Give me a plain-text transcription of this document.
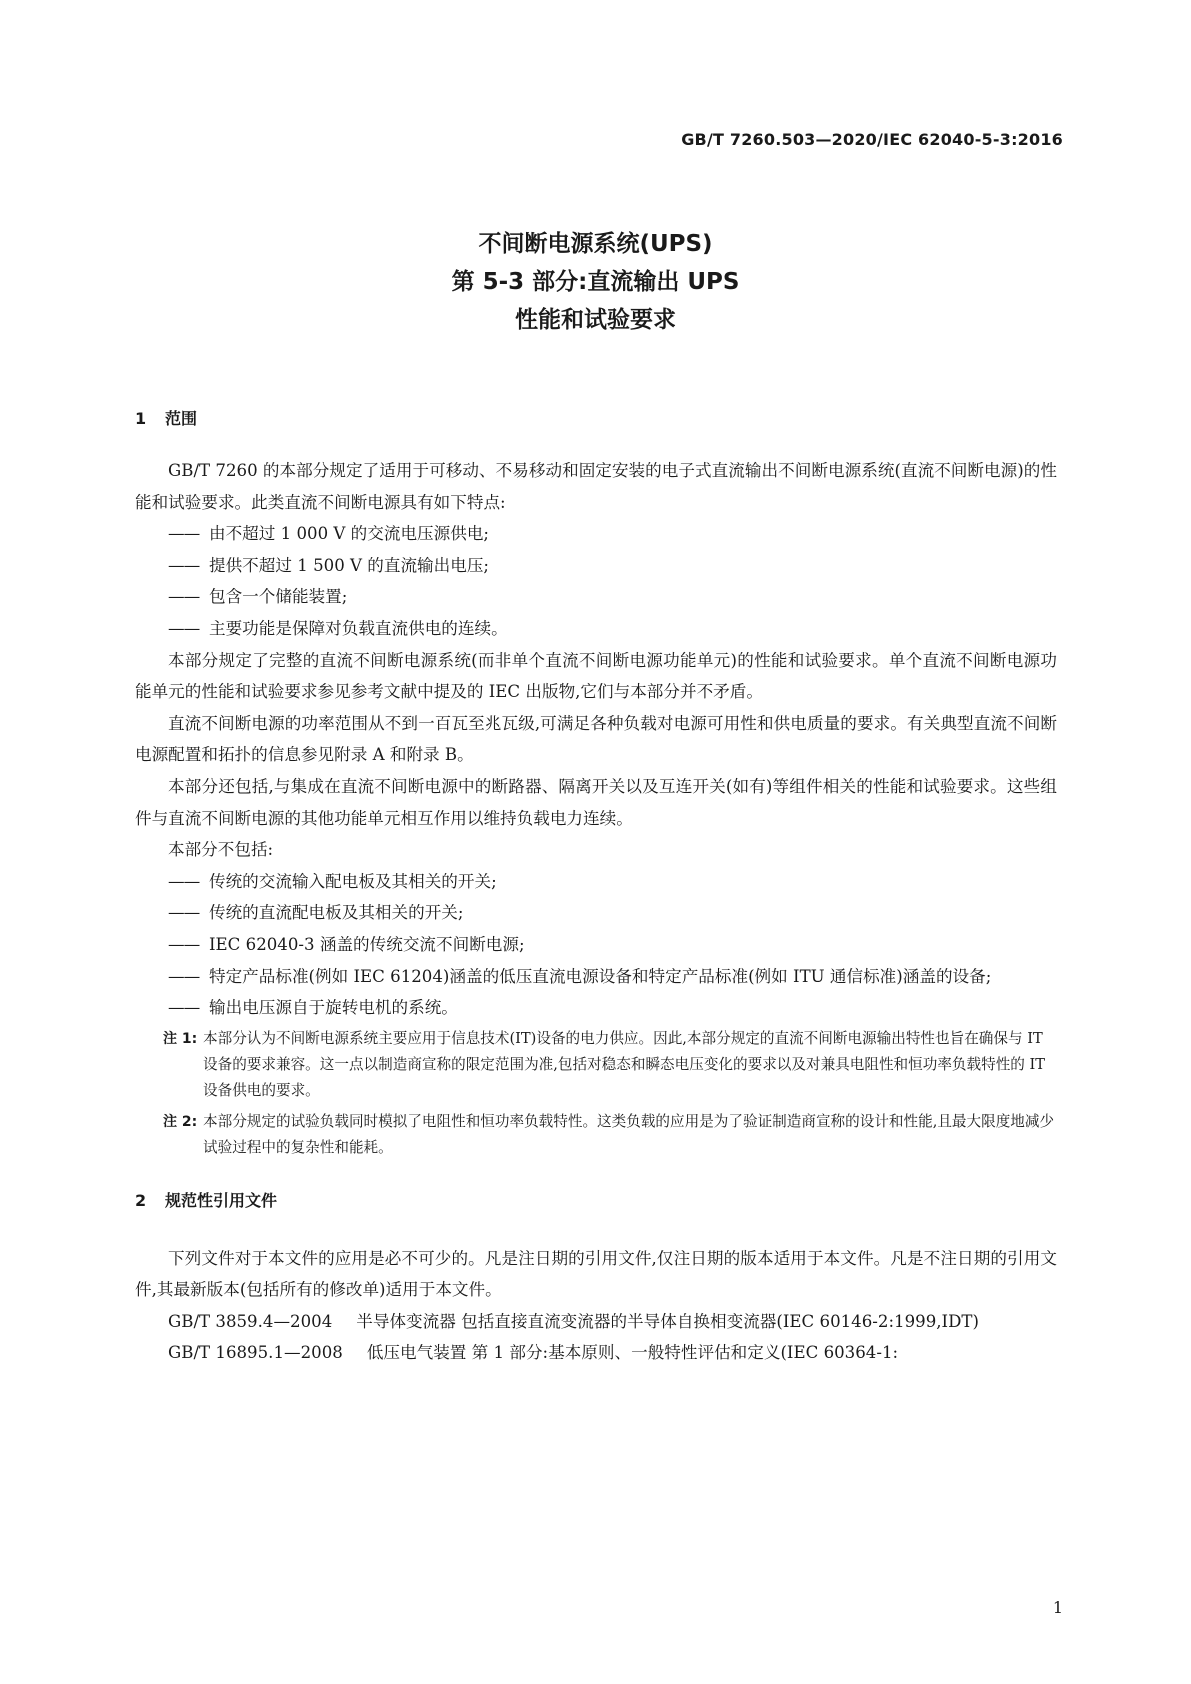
GB/T 7260.503—2020/IEC 62040-5-3:2016
不间断电源系统(UPS)
第 5-3 部分:直流输出 UPS
性能和试验要求
1 范围

GB/T 7260 的本部分规定了适用于可移动、不易移动和固定安装的电子式直流输出不间断电源系统(直流不间断电源)的性能和试验要求。此类直流不间断电源具有如下特点:

—— 由不超过 1 000 V 的交流电压源供电;

—— 提供不超过 1 500 V 的直流输出电压;

—— 包含一个储能装置;

—— 主要功能是保障对负载直流供电的连续。

本部分规定了完整的直流不间断电源系统(而非单个直流不间断电源功能单元)的性能和试验要求。单个直流不间断电源功能单元的性能和试验要求参见参考文献中提及的 IEC 出版物,它们与本部分并不矛盾。

直流不间断电源的功率范围从不到一百瓦至兆瓦级,可满足各种负载对电源可用性和供电质量的要求。有关典型直流不间断电源配置和拓扑的信息参见附录 A 和附录 B。

本部分还包括,与集成在直流不间断电源中的断路器、隔离开关以及互连开关(如有)等组件相关的性能和试验要求。这些组件与直流不间断电源的其他功能单元相互作用以维持负载电力连续。

本部分不包括:

—— 传统的交流输入配电板及其相关的开关;

—— 传统的直流配电板及其相关的开关;

—— IEC 62040-3 涵盖的传统交流不间断电源;

—— 特定产品标准(例如 IEC 61204)涵盖的低压直流电源设备和特定产品标准(例如 ITU 通信标准)涵盖的设备;

—— 输出电压源自于旋转电机的系统。

注 1: 本部分认为不间断电源系统主要应用于信息技术(IT)设备的电力供应。因此,本部分规定的直流不间断电源输出特性也旨在确保与 IT 设备的要求兼容。这一点以制造商宣称的限定范围为准,包括对稳态和瞬态电压变化的要求以及对兼具电阻性和恒功率负载特性的 IT 设备供电的要求。

注 2: 本部分规定的试验负载同时模拟了电阻性和恒功率负载特性。这类负载的应用是为了验证制造商宣称的设计和性能,且最大限度地减少试验过程中的复杂性和能耗。

2 规范性引用文件

下列文件对于本文件的应用是必不可少的。凡是注日期的引用文件,仅注日期的版本适用于本文件。凡是不注日期的引用文件,其最新版本(包括所有的修改单)适用于本文件。

GB/T 3859.4—2004 半导体变流器 包括直接直流变流器的半导体自换相变流器(IEC 60146-2:1999,IDT)

GB/T 16895.1—2008 低压电气装置 第 1 部分:基本原则、一般特性评估和定义(IEC 60364-1:

1
